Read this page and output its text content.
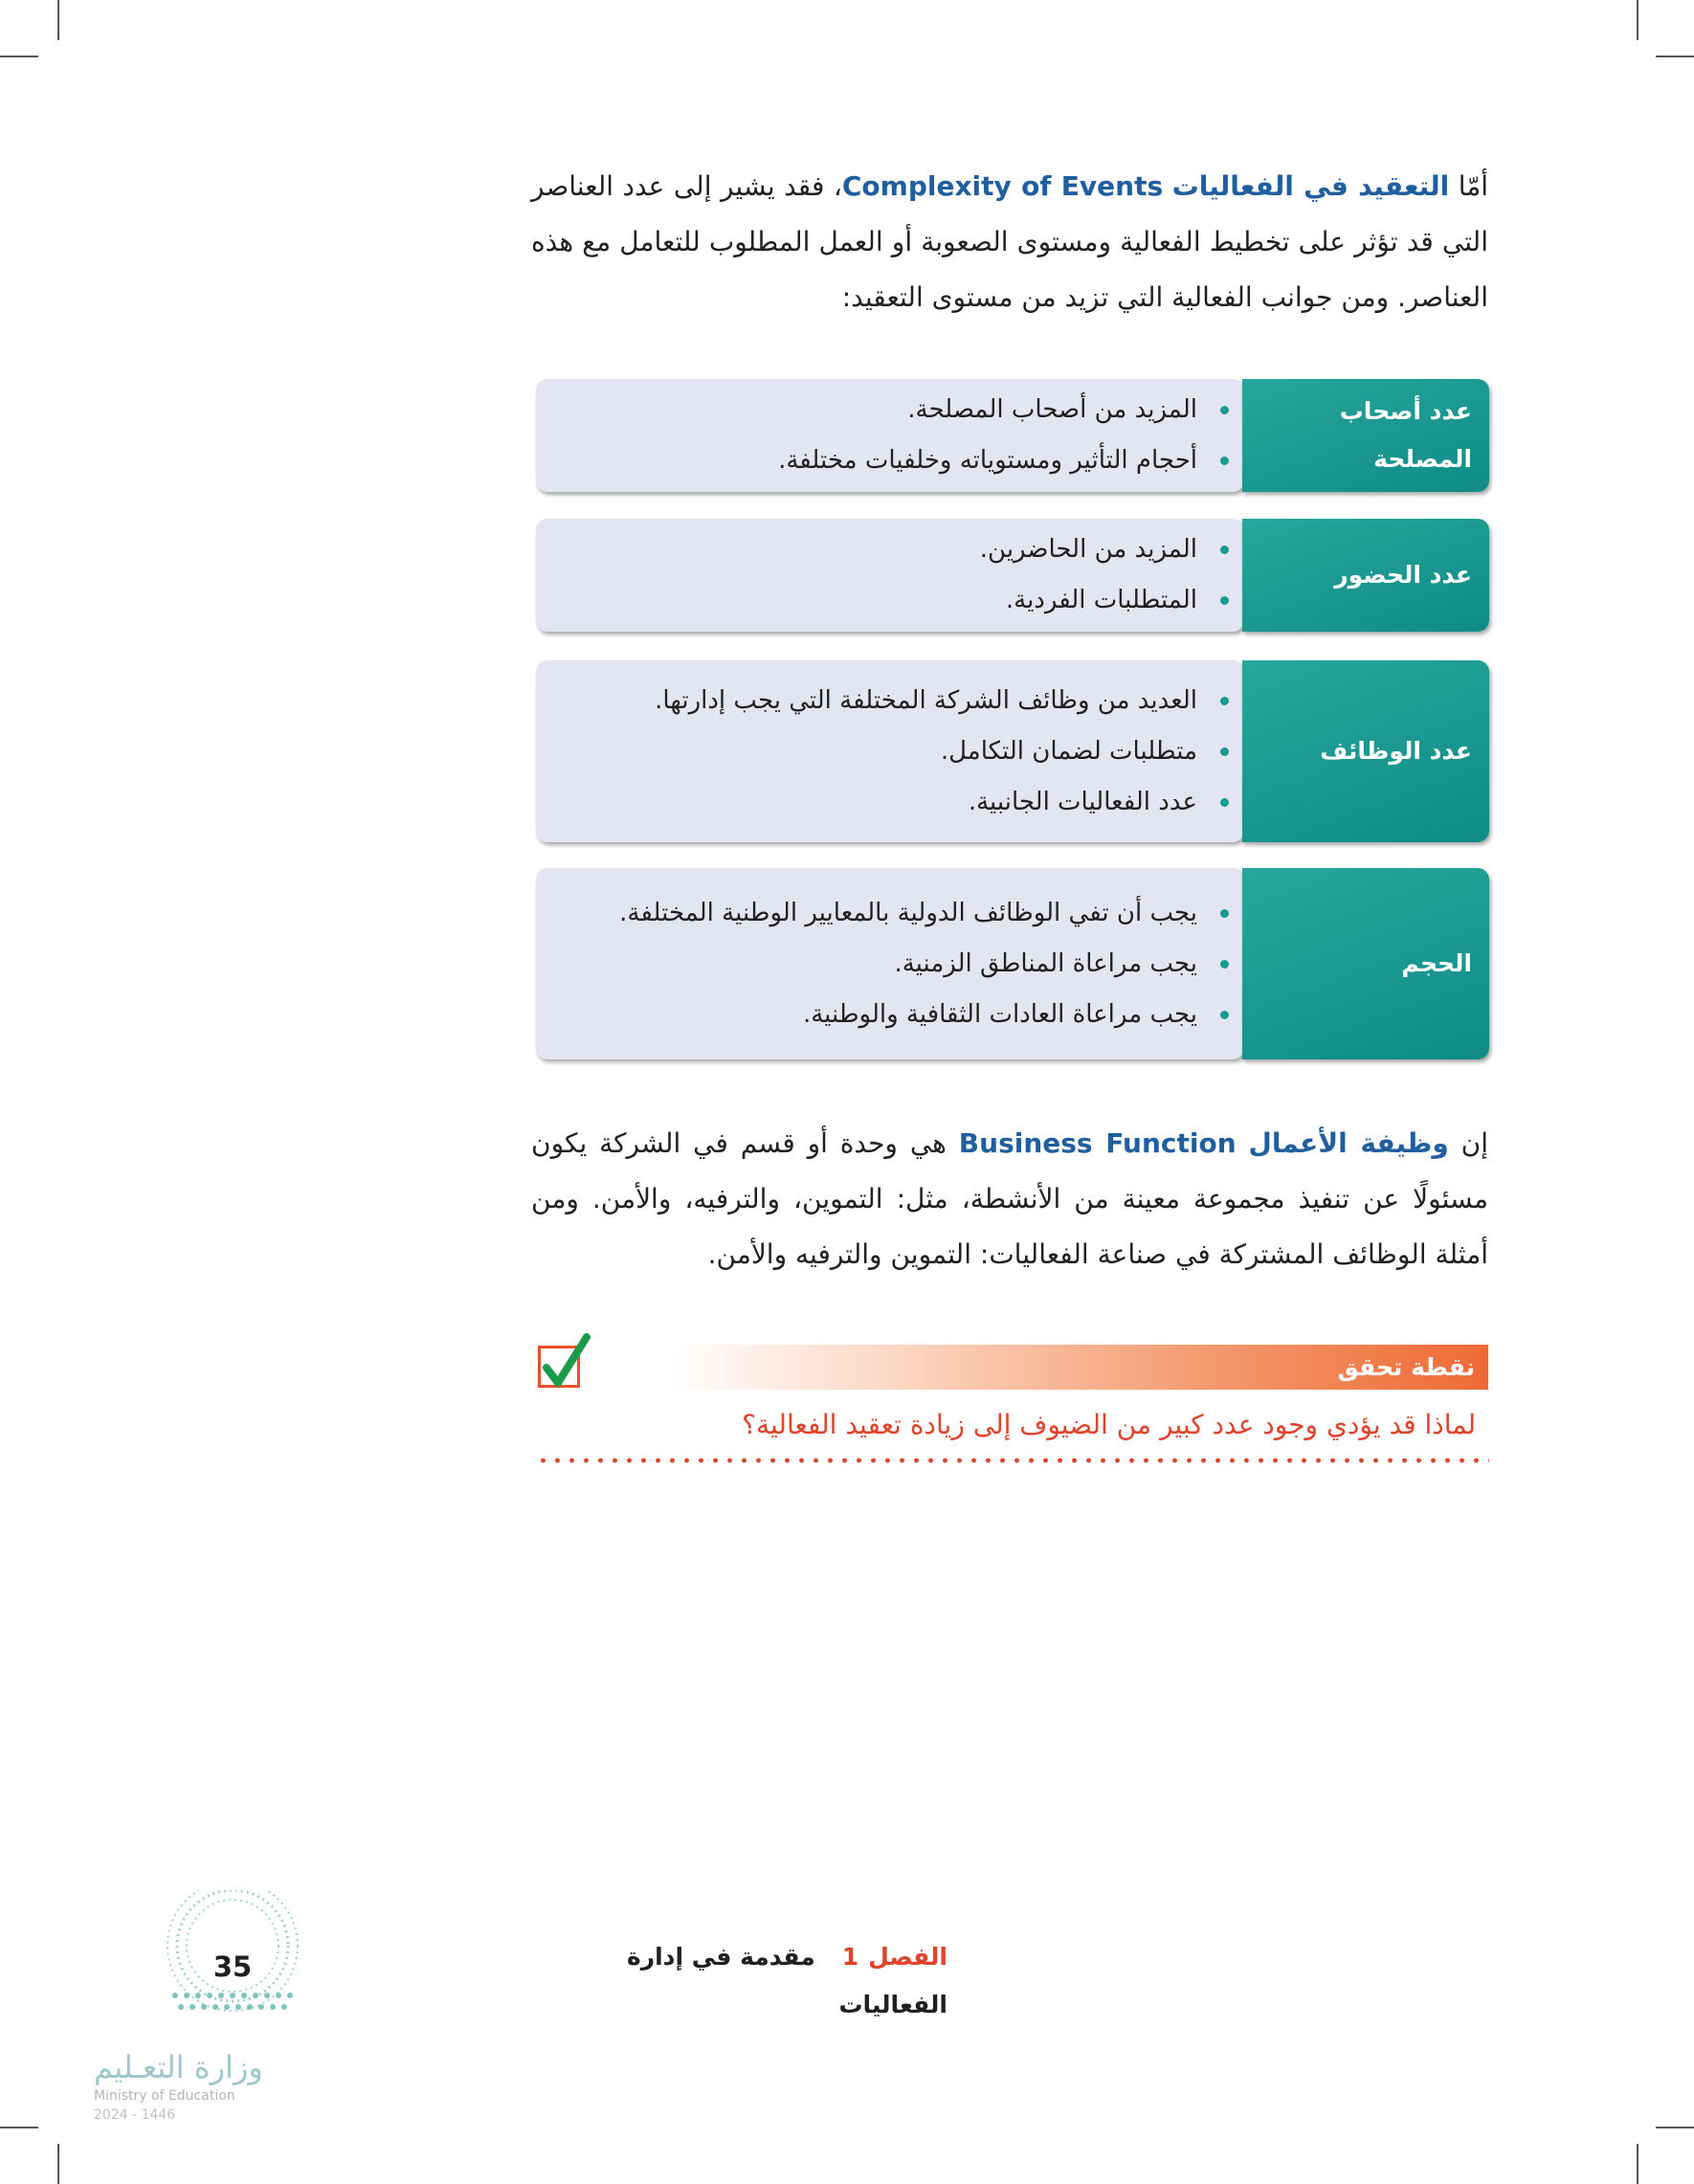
أمّا التعقيد في الفعاليات Complexity of Events، فقد يشير إلى عدد العناصر التي قد تؤثر على تخطيط الفعالية ومستوى الصعوبة أو العمل المطلوب للتعامل مع هذه العناصر. ومن جوانب الفعالية التي تزيد من مستوى التعقيد:
عدد أصحاب المصلحة
المزيد من أصحاب المصلحة.
أحجام التأثير ومستوياته وخلفيات مختلفة.
عدد الحضور
المزيد من الحاضرين.
المتطلبات الفردية.
عدد الوظائف
العديد من وظائف الشركة المختلفة التي يجب إدارتها.
متطلبات لضمان التكامل.
عدد الفعاليات الجانبية.
الحجم
يجب أن تفي الوظائف الدولية بالمعايير الوطنية المختلفة.
يجب مراعاة المناطق الزمنية.
يجب مراعاة العادات الثقافية والوطنية.
إن وظيفة الأعمال Business Function هي وحدة أو قسم في الشركة يكون مسئولًا عن تنفيذ مجموعة معينة من الأنشطة، مثل: التموين، والترفيه، والأمن. ومن أمثلة الوظائف المشتركة في صناعة الفعاليات: التموين والترفيه والأمن.
نقطة تحقق
لماذا قد يؤدي وجود عدد كبير من الضيوف إلى زيادة تعقيد الفعالية؟
الفصل1مقدمة في إدارة الفعاليات
35
وزارة التعـليم
Ministry of Education
2024 - 1446
